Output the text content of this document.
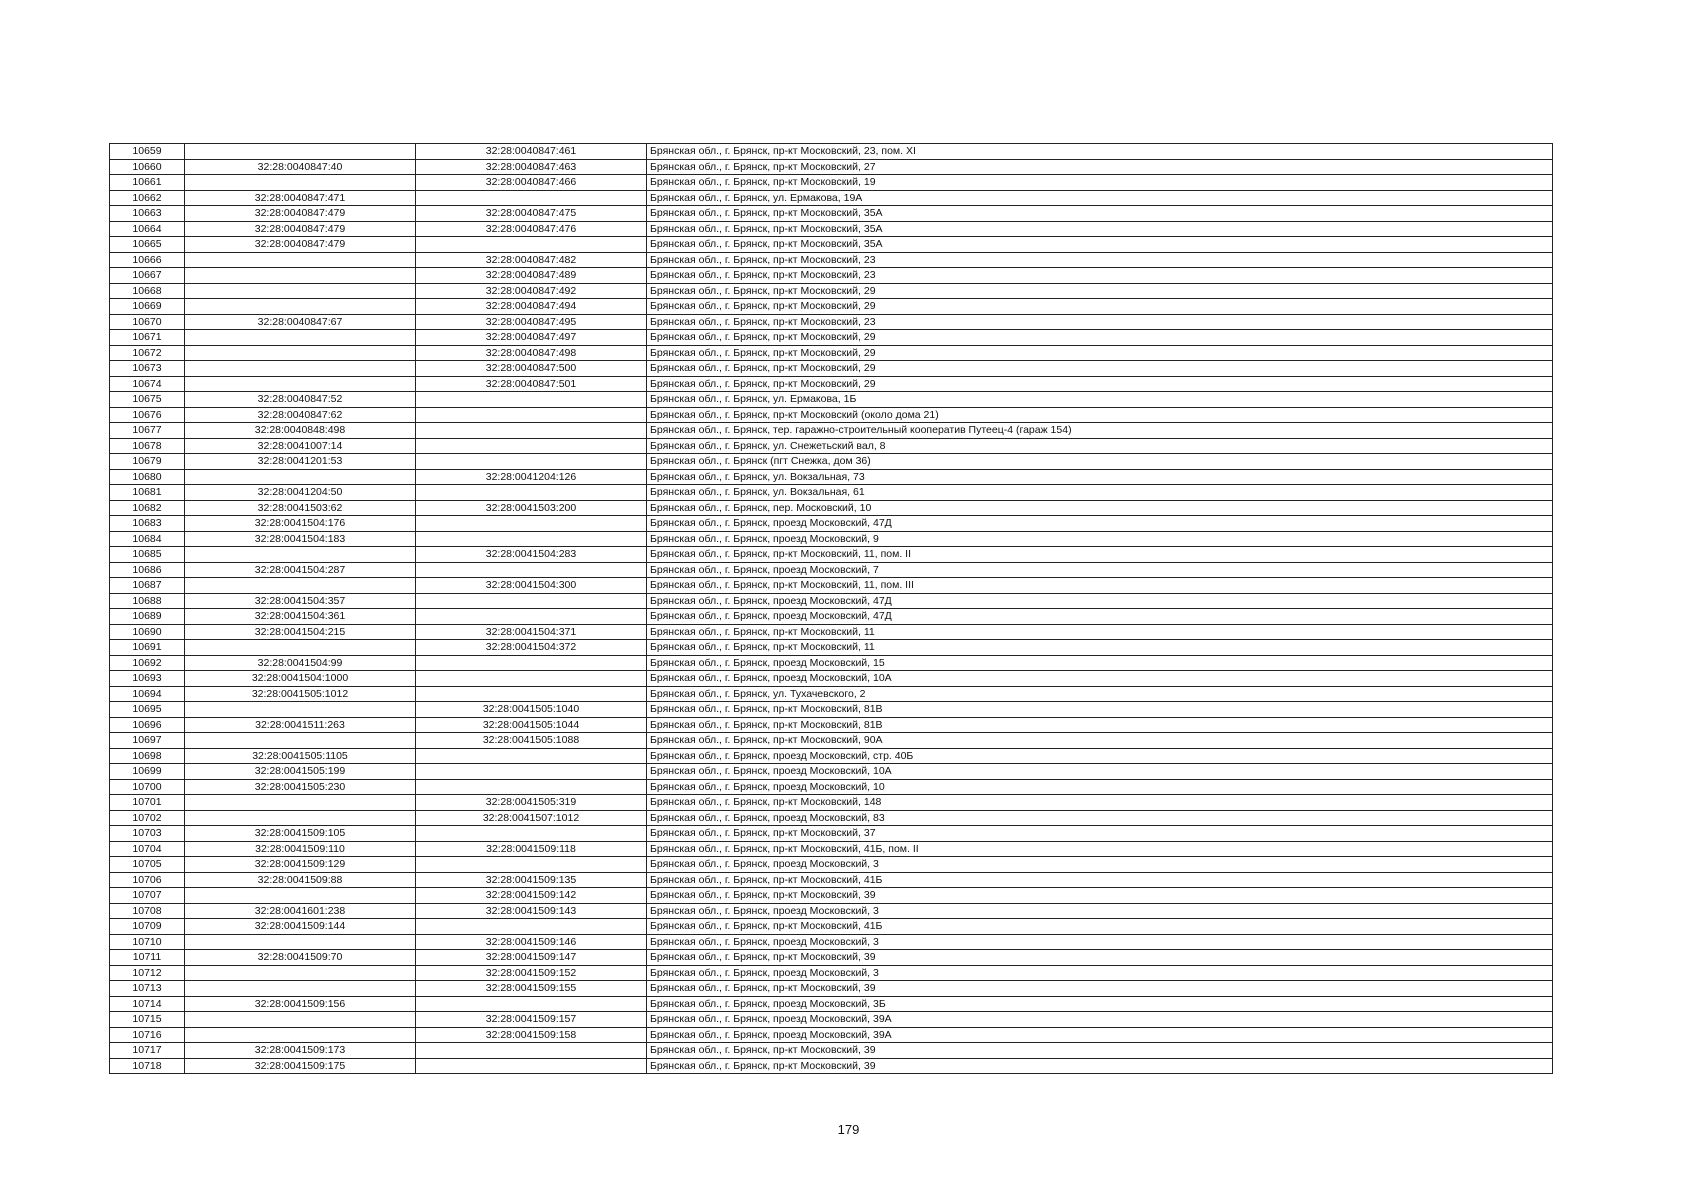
10659		32:28:0040847:461	Брянская обл., г. Брянск, пр-кт Московский, 23, пом. XI
10660	32:28:0040847:40	32:28:0040847:463	Брянская обл., г. Брянск, пр-кт Московский, 27
10661		32:28:0040847:466	Брянская обл., г. Брянск, пр-кт Московский, 19
10662	32:28:0040847:471		Брянская обл., г. Брянск, ул. Ермакова, 19А
10663	32:28:0040847:479	32:28:0040847:475	Брянская обл., г. Брянск, пр-кт Московский, 35А
10664	32:28:0040847:479	32:28:0040847:476	Брянская обл., г. Брянск, пр-кт Московский, 35А
10665	32:28:0040847:479		Брянская обл., г. Брянск, пр-кт Московский, 35А
10666		32:28:0040847:482	Брянская обл., г. Брянск, пр-кт Московский, 23
10667		32:28:0040847:489	Брянская обл., г. Брянск, пр-кт Московский, 23
10668		32:28:0040847:492	Брянская обл., г. Брянск, пр-кт Московский, 29
10669		32:28:0040847:494	Брянская обл., г. Брянск, пр-кт Московский, 29
10670	32:28:0040847:67	32:28:0040847:495	Брянская обл., г. Брянск, пр-кт Московский, 23
10671		32:28:0040847:497	Брянская обл., г. Брянск, пр-кт Московский, 29
10672		32:28:0040847:498	Брянская обл., г. Брянск, пр-кт Московский, 29
10673		32:28:0040847:500	Брянская обл., г. Брянск, пр-кт Московский, 29
10674		32:28:0040847:501	Брянская обл., г. Брянск, пр-кт Московский, 29
10675	32:28:0040847:52		Брянская обл., г. Брянск, ул. Ермакова, 1Б
10676	32:28:0040847:62		Брянская обл., г. Брянск, пр-кт Московский (около дома 21)
10677	32:28:0040848:498		Брянская обл., г. Брянск, тер. гаражно-строительный кооператив Путеец-4 (гараж 154)
10678	32:28:0041007:14		Брянская обл., г. Брянск, ул. Снежетьский вал, 8
10679	32:28:0041201:53		Брянская обл., г. Брянск (пгт Снежка, дом 36)
10680		32:28:0041204:126	Брянская обл., г. Брянск, ул. Вокзальная, 73
10681	32:28:0041204:50		Брянская обл., г. Брянск, ул. Вокзальная, 61
10682	32:28:0041503:62	32:28:0041503:200	Брянская обл., г. Брянск, пер. Московский, 10
10683	32:28:0041504:176		Брянская обл., г. Брянск, проезд Московский, 47Д
10684	32:28:0041504:183		Брянская обл., г. Брянск, проезд Московский, 9
10685		32:28:0041504:283	Брянская обл., г. Брянск, пр-кт Московский, 11, пом. II
10686	32:28:0041504:287		Брянская обл., г. Брянск, проезд Московский, 7
10687		32:28:0041504:300	Брянская обл., г. Брянск, пр-кт Московский, 11, пом. III
10688	32:28:0041504:357		Брянская обл., г. Брянск, проезд Московский, 47Д
10689	32:28:0041504:361		Брянская обл., г. Брянск, проезд Московский, 47Д
10690	32:28:0041504:215	32:28:0041504:371	Брянская обл., г. Брянск, пр-кт Московский, 11
10691		32:28:0041504:372	Брянская обл., г. Брянск, пр-кт Московский, 11
10692	32:28:0041504:99		Брянская обл., г. Брянск, проезд Московский, 15
10693	32:28:0041504:1000		Брянская обл., г. Брянск, проезд Московский, 10А
10694	32:28:0041505:1012		Брянская обл., г. Брянск, ул. Тухачевского, 2
10695		32:28:0041505:1040	Брянская обл., г. Брянск, пр-кт Московский, 81В
10696	32:28:0041511:263	32:28:0041505:1044	Брянская обл., г. Брянск, пр-кт Московский, 81В
10697		32:28:0041505:1088	Брянская обл., г. Брянск, пр-кт Московский, 90А
10698	32:28:0041505:1105		Брянская обл., г. Брянск, проезд Московский, стр. 40Б
10699	32:28:0041505:199		Брянская обл., г. Брянск, проезд Московский, 10А
10700	32:28:0041505:230		Брянская обл., г. Брянск, проезд Московский, 10
10701		32:28:0041505:319	Брянская обл., г. Брянск, пр-кт Московский, 148
10702		32:28:0041507:1012	Брянская обл., г. Брянск, проезд Московский, 83
10703	32:28:0041509:105		Брянская обл., г. Брянск, пр-кт Московский, 37
10704	32:28:0041509:110	32:28:0041509:118	Брянская обл., г. Брянск, пр-кт Московский, 41Б, пом. II
10705	32:28:0041509:129		Брянская обл., г. Брянск, проезд Московский, 3
10706	32:28:0041509:88	32:28:0041509:135	Брянская обл., г. Брянск, пр-кт Московский, 41Б
10707		32:28:0041509:142	Брянская обл., г. Брянск, пр-кт Московский, 39
10708	32:28:0041601:238	32:28:0041509:143	Брянская обл., г. Брянск, проезд Московский, 3
10709	32:28:0041509:144		Брянская обл., г. Брянск, пр-кт Московский, 41Б
10710		32:28:0041509:146	Брянская обл., г. Брянск, проезд Московский, 3
10711	32:28:0041509:70	32:28:0041509:147	Брянская обл., г. Брянск, пр-кт Московский, 39
10712		32:28:0041509:152	Брянская обл., г. Брянск, проезд Московский, 3
10713		32:28:0041509:155	Брянская обл., г. Брянск, пр-кт Московский, 39
10714	32:28:0041509:156		Брянская обл., г. Брянск, проезд Московский, 3Б
10715		32:28:0041509:157	Брянская обл., г. Брянск, проезд Московский, 39А
10716		32:28:0041509:158	Брянская обл., г. Брянск, проезд Московский, 39А
10717	32:28:0041509:173		Брянская обл., г. Брянск, пр-кт Московский, 39
10718	32:28:0041509:175		Брянская обл., г. Брянск, пр-кт Московский, 39
179
